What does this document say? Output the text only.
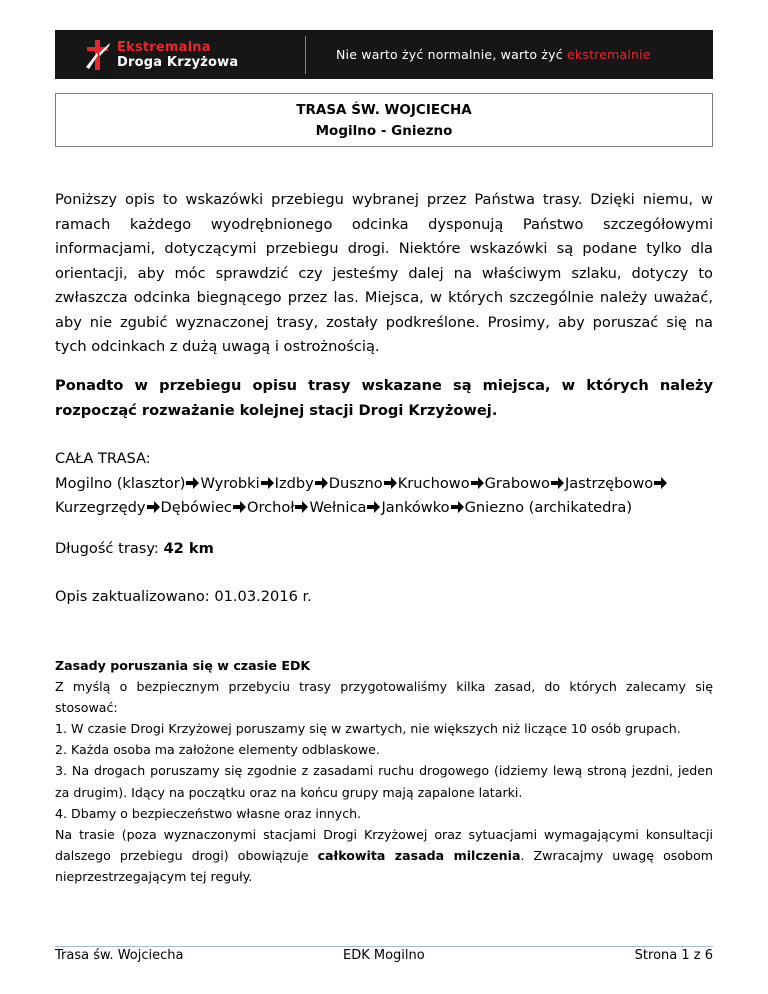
Ekstremalna
Droga Krzyżowa	Nie warto żyć normalnie, warto żyć ekstremalnie
TRASA ŚW. WOJCIECHA
Mogilno - Gniezno
Poniższy opis to wskazówki przebiegu wybranej przez Państwa trasy. Dzięki niemu, w ramach każdego wyodrębnionego odcinka dysponują Państwo szczegółowymi informacjami, dotyczącymi przebiegu drogi. Niektóre wskazówki są podane tylko dla orientacji, aby móc sprawdzić czy jesteśmy dalej na właściwym szlaku, dotyczy to zwłaszcza odcinka biegnącego przez las. Miejsca, w których szczególnie należy uważać, aby nie zgubić wyznaczonej trasy, zostały podkreślone. Prosimy, aby poruszać się na tych odcinkach z dużą uwagą i ostrożnością.
Ponadto w przebiegu opisu trasy wskazane są miejsca, w których należy rozpocząć rozważanie kolejnej stacji Drogi Krzyżowej.
CAŁA TRASA:
Mogilno (klasztor) Wyrobki Izdby Duszno Kruchowo Grabowo Jastrzębowo
Kurzegrzędy Dębówiec Orchoł Wełnica Jankówko Gniezno (archikatedra)
Długość trasy: 42 km
Opis zaktualizowano: 01.03.2016 r.
Zasady poruszania się w czasie EDK
Z myślą o bezpiecznym przebyciu trasy przygotowaliśmy kilka zasad, do których zalecamy się stosować:
1. W czasie Drogi Krzyżowej poruszamy się w zwartych, nie większych niż liczące 10 osób grupach.
2. Każda osoba ma założone elementy odblaskowe.
3. Na drogach poruszamy się zgodnie z zasadami ruchu drogowego (idziemy lewą stroną jezdni, jeden za drugim). Idący na początku oraz na końcu grupy mają zapalone latarki.
4. Dbamy o bezpieczeństwo własne oraz innych.
Na trasie (poza wyznaczonymi stacjami Drogi Krzyżowej oraz sytuacjami wymagającymi konsultacji dalszego przebiegu drogi) obowiązuje całkowita zasada milczenia. Zwracajmy uwagę osobom nieprzestrzegającym tej reguły.
Trasa św. Wojciecha	EDK Mogilno	Strona 1 z 6
